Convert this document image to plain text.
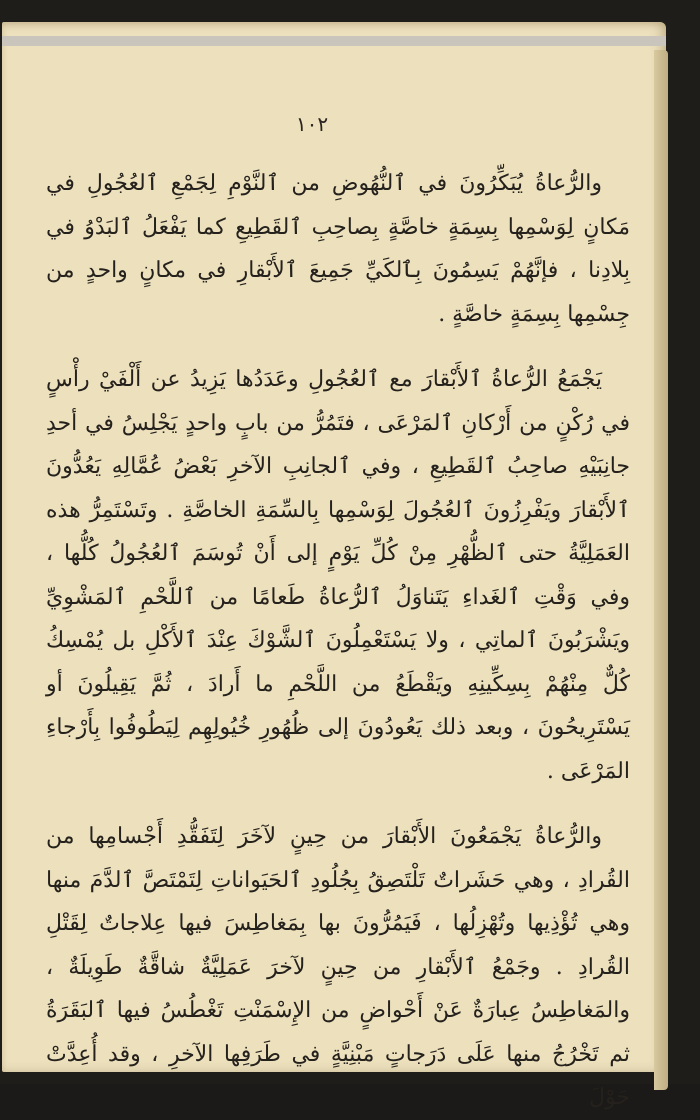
١٠٢

والرُّعاةُ يُبَكِّرُونَ في ٱلنُّهُوضِ من ٱلنَّوْمِ لِجَمْعِ ٱلعُجُولِ في مَكانٍ لِوَسْمِها بِسِمَةٍ خاصَّةٍ بِصاحِبِ ٱلقَطِيعِ كما يَفْعَلُ ٱلبَدْوُ في بِلادِنا ، فإنَّهُمْ يَسِمُونَ بِٱلكَيِّ جَمِيعَ ٱلأَبْقارِ في مكانٍ واحدٍ من جِسْمِها بِسِمَةٍ خاصَّةٍ .

يَجْمَعُ الرُّعاةُ ٱلأَبْقارَ مع ٱلعُجُولِ وعَدَدُها يَزِيدُ عن أَلْفَيْ رأْسٍ في رُكْنٍ من أَرْكانِ ٱلمَرْعَى ، فتَمُرُّ من بابٍ واحدٍ يَجْلِسُ في أحدِ جانِبَيْهِ صاحِبُ ٱلقَطِيعِ ، وفي ٱلجانِبِ الآخرِ بَعْضُ عُمَّالِهِ يَعُدُّونَ ٱلأَبْقارَ ويَفْرِزُونَ ٱلعُجُولَ لِوَسْمِها بِالسِّمَةِ الخاصَّةِ . وتَسْتَمِرُّ هذه العَمَلِيَّةُ حتى ٱلظُّهْرِ مِنْ كُلِّ يَوْمٍ إلى أَنْ تُوسَمَ ٱلعُجُولُ كُلُّها ، وفي وَقْتِ ٱلغَداءِ يَتَناوَلُ ٱلرُّعاةُ طَعامًا من ٱللَّحْمِ ٱلمَشْوِيِّ ويَشْرَبُونَ ٱلماتِي ، ولا يَسْتَعْمِلُونَ ٱلشَّوْكَ عِنْدَ ٱلأَكْلِ بل يُمْسِكُ كُلٌّ مِنْهُمْ بِسِكِّينِهِ ويَقْطَعُ من اللَّحْمِ ما أَرادَ ، ثُمَّ يَقِيلُونَ أو يَسْتَرِيحُونَ ، وبعد ذلك يَعُودُونَ إلى ظُهُورِ خُيُولِهِم لِيَطُوفُوا بِأَرْجاءِ المَرْعَى .

والرُّعاةُ يَجْمَعُونَ الأَبْقارَ من حِينٍ لآخَرَ لِتَفَقُّدِ أَجْسامِها من القُرادِ ، وهي حَشَراتٌ تَلْتَصِقُ بِجُلُودِ ٱلحَيَواناتِ لِتَمْتَصَّ ٱلدَّمَ منها وهي تُؤْذِيها وتُهْزِلُها ، فَيَمُرُّونَ بها بِمَغاطِسَ فيها عِلاجاتٌ لِقَتْلِ القُرادِ . وجَمْعُ ٱلأَبْقارِ من حِينٍ لآخرَ عَمَلِيَّةٌ شاقَّةٌ طَوِيلَةٌ ، والمَغاطِسُ عِبارَةٌ عَنْ أَحْواضٍ من الإِسْمَنْتِ تَغْطُسُ فيها ٱلبَقَرَةُ ثم تَخْرُجُ منها عَلَى دَرَجاتٍ مَبْنِيَّةٍ في طَرَفِها الآخرِ ، وقد أُعِدَّتْ حَوْلَ
